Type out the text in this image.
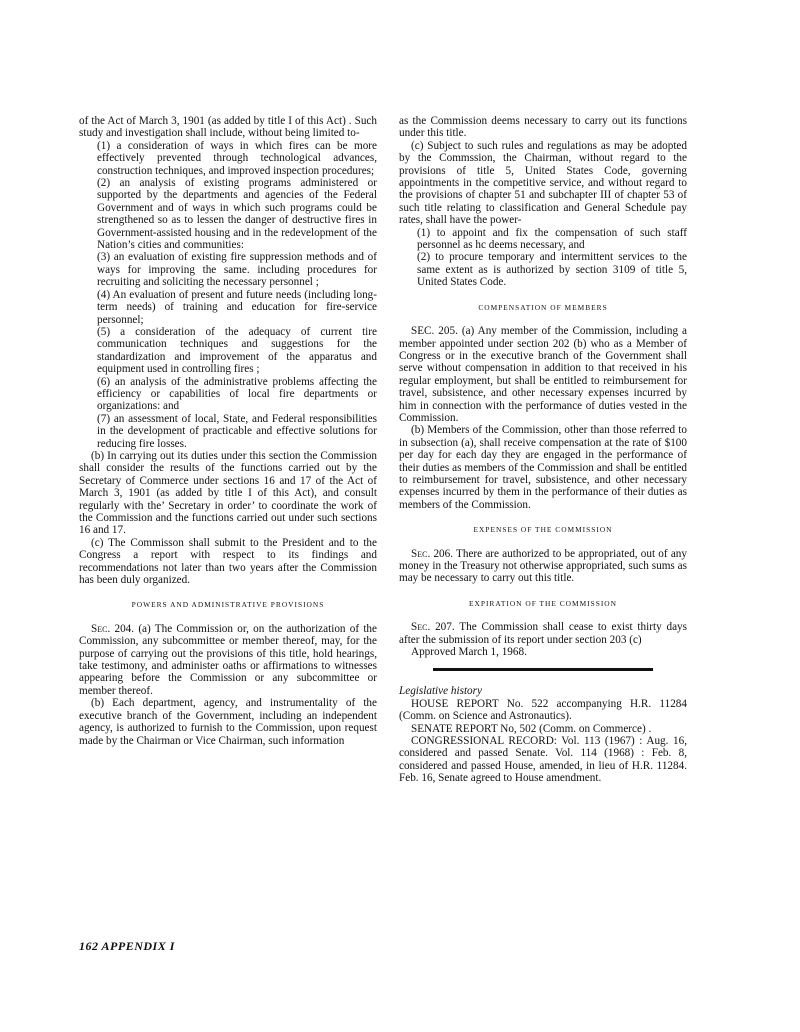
of the Act of March 3, 1901 (as added by title I of this Act) . Such study and investigation shall include, without being limited to-

(1) a consideration of ways in which fires can be more effectively prevented through technological advances, construction techniques, and improved inspection procedures;

(2) an analysis of existing programs administered or supported by the departments and agencies of the Federal Government and of ways in which such programs could be strengthened so as to lessen the danger of destructive fires in Government-assisted housing and in the redevelopment of the Nation’s cities and communities:

(3) an evaluation of existing fire suppression methods and of ways for improving the same. including procedures for recruiting and soliciting the necessary personnel ;

(4) An evaluation of present and future needs (including long-term needs) of training and education for fire-service personnel;

(5) a consideration of the adequacy of current tire communication techniques and suggestions for the standardization and improvement of the apparatus and equipment used in controlling fires ;

(6) an analysis of the administrative problems affecting the efficiency or capabilities of local fire departments or organizations: and

(7) an assessment of local, State, and Federal responsibilities in the development of practicable and effective solutions for reducing fire losses.

(b) In carrying out its duties under this section the Commission shall consider the results of the functions carried out by the Secretary of Commerce under sections 16 and 17 of the Act of March 3, 1901 (as added by title I of this Act), and consult regularly with the’ Secretary in order’ to coordinate the work of the Commission and the functions carried out under such sections 16 and 17.

(c) The Commisson shall submit to the President and to the Congress a report with respect to its findings and recommendations not later than two years after the Commission has been duly organized.

POWERS AND ADMINISTRATIVE PROVISIONS

Sec. 204. (a) The Commission or, on the authorization of the Commission, any subcommittee or member thereof, may, for the purpose of carrying out the provisions of this title, hold hearings, take testimony, and administer oaths or affirmations to witnesses appearing before the Commission or any subcommittee or member thereof.

(b) Each department, agency, and instrumentality of the executive branch of the Government, including an independent agency, is authorized to furnish to the Commission, upon request made by the Chairman or Vice Chairman, such information

as the Commission deems necessary to carry out its functions under this title.

(c) Subject to such rules and regulations as may be adopted by the Commssion, the Chairman, without regard to the provisions of title 5, United States Code, governing appointments in the competitive service, and without regard to the provisions of chapter 51 and subchapter III of chapter 53 of such title relating to classification and General Schedule pay rates, shall have the power-

(1) to appoint and fix the compensation of such staff personnel as hc deems necessary, and

(2) to procure temporary and intermittent services to the same extent as is authorized by section 3109 of title 5, United States Code.

COMPENSATION OF MEMBERS

SEC. 205. (a) Any member of the Commission, including a member appointed under section 202 (b) who as a Member of Congress or in the executive branch of the Government shall serve without compensation in addition to that received in his regular employment, but shall be entitled to reimbursement for travel, subsistence, and other necessary expenses incurred by him in connection with the performance of duties vested in the Commission.

(b) Members of the Commission, other than those referred to in subsection (a), shall receive compensation at the rate of $100 per day for each day they are engaged in the performance of their duties as members of the Commission and shall be entitled to reimbursement for travel, subsistence, and other necessary expenses incurred by them in the performance of their duties as members of the Commission.

EXPENSES OF THE COMMISSION

Sec. 206. There are authorized to be appropriated, out of any money in the Treasury not otherwise appropriated, such sums as may be necessary to carry out this title.

EXPIRATION OF THE COMMISSION

Sec. 207. The Commission shall cease to exist thirty days after the submission of its report under section 203 (c)

Approved March 1, 1968.

Legislative history

HOUSE REPORT No. 522 accompanying H.R. 11284 (Comm. on Science and Astronautics).

SENATE REPORT No, 502 (Comm. on Commerce) .

CONGRESSIONAL RECORD: Vol. 113 (1967) : Aug. 16, considered and passed Senate. Vol. 114 (1968) : Feb. 8, considered and passed House, amended, in lieu of H.R. 11284. Feb. 16, Senate agreed to House amendment.

162 APPENDIX I
